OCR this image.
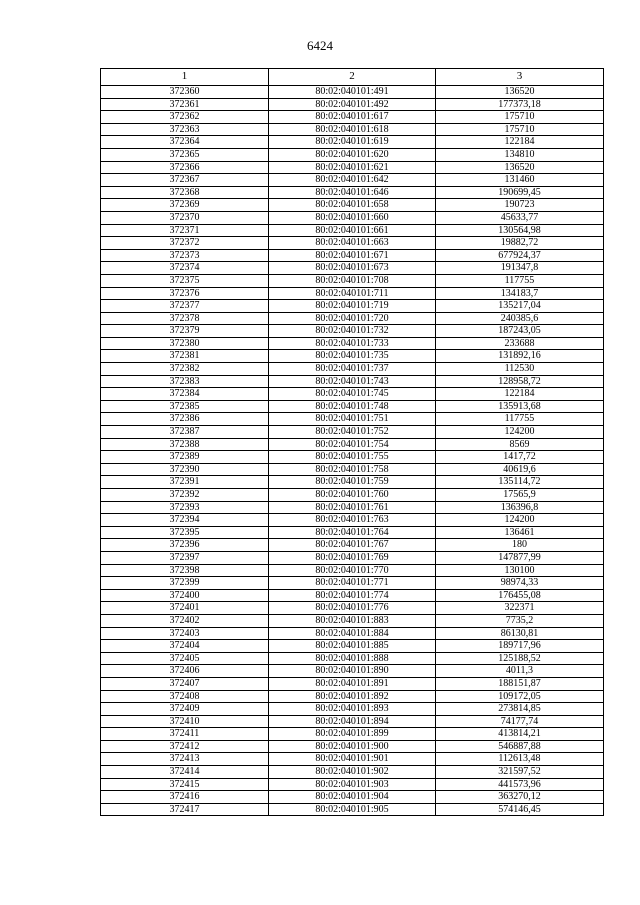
6424
1	2	3
372360	80:02:040101:491	136520
372361	80:02:040101:492	177373,18
372362	80:02:040101:617	175710
372363	80:02:040101:618	175710
372364	80:02:040101:619	122184
372365	80:02:040101:620	134810
372366	80:02:040101:621	136520
372367	80:02:040101:642	131460
372368	80:02:040101:646	190699,45
372369	80:02:040101:658	190723
372370	80:02:040101:660	45633,77
372371	80:02:040101:661	130564,98
372372	80:02:040101:663	19882,72
372373	80:02:040101:671	677924,37
372374	80:02:040101:673	191347,8
372375	80:02:040101:708	117755
372376	80:02:040101:711	134183,7
372377	80:02:040101:719	135217,04
372378	80:02:040101:720	240385,6
372379	80:02:040101:732	187243,05
372380	80:02:040101:733	233688
372381	80:02:040101:735	131892,16
372382	80:02:040101:737	112530
372383	80:02:040101:743	128958,72
372384	80:02:040101:745	122184
372385	80:02:040101:748	135913,68
372386	80:02:040101:751	117755
372387	80:02:040101:752	124200
372388	80:02:040101:754	8569
372389	80:02:040101:755	1417,72
372390	80:02:040101:758	40619,6
372391	80:02:040101:759	135114,72
372392	80:02:040101:760	17565,9
372393	80:02:040101:761	136396,8
372394	80:02:040101:763	124200
372395	80:02:040101:764	136461
372396	80:02:040101:767	180
372397	80:02:040101:769	147877,99
372398	80:02:040101:770	130100
372399	80:02:040101:771	98974,33
372400	80:02:040101:774	176455,08
372401	80:02:040101:776	322371
372402	80:02:040101:883	7735,2
372403	80:02:040101:884	86130,81
372404	80:02:040101:885	189717,96
372405	80:02:040101:888	125188,52
372406	80:02:040101:890	4011,3
372407	80:02:040101:891	188151,87
372408	80:02:040101:892	109172,05
372409	80:02:040101:893	273814,85
372410	80:02:040101:894	74177,74
372411	80:02:040101:899	413814,21
372412	80:02:040101:900	546887,88
372413	80:02:040101:901	112613,48
372414	80:02:040101:902	321597,52
372415	80:02:040101:903	441573,96
372416	80:02:040101:904	363270,12
372417	80:02:040101:905	574146,45
